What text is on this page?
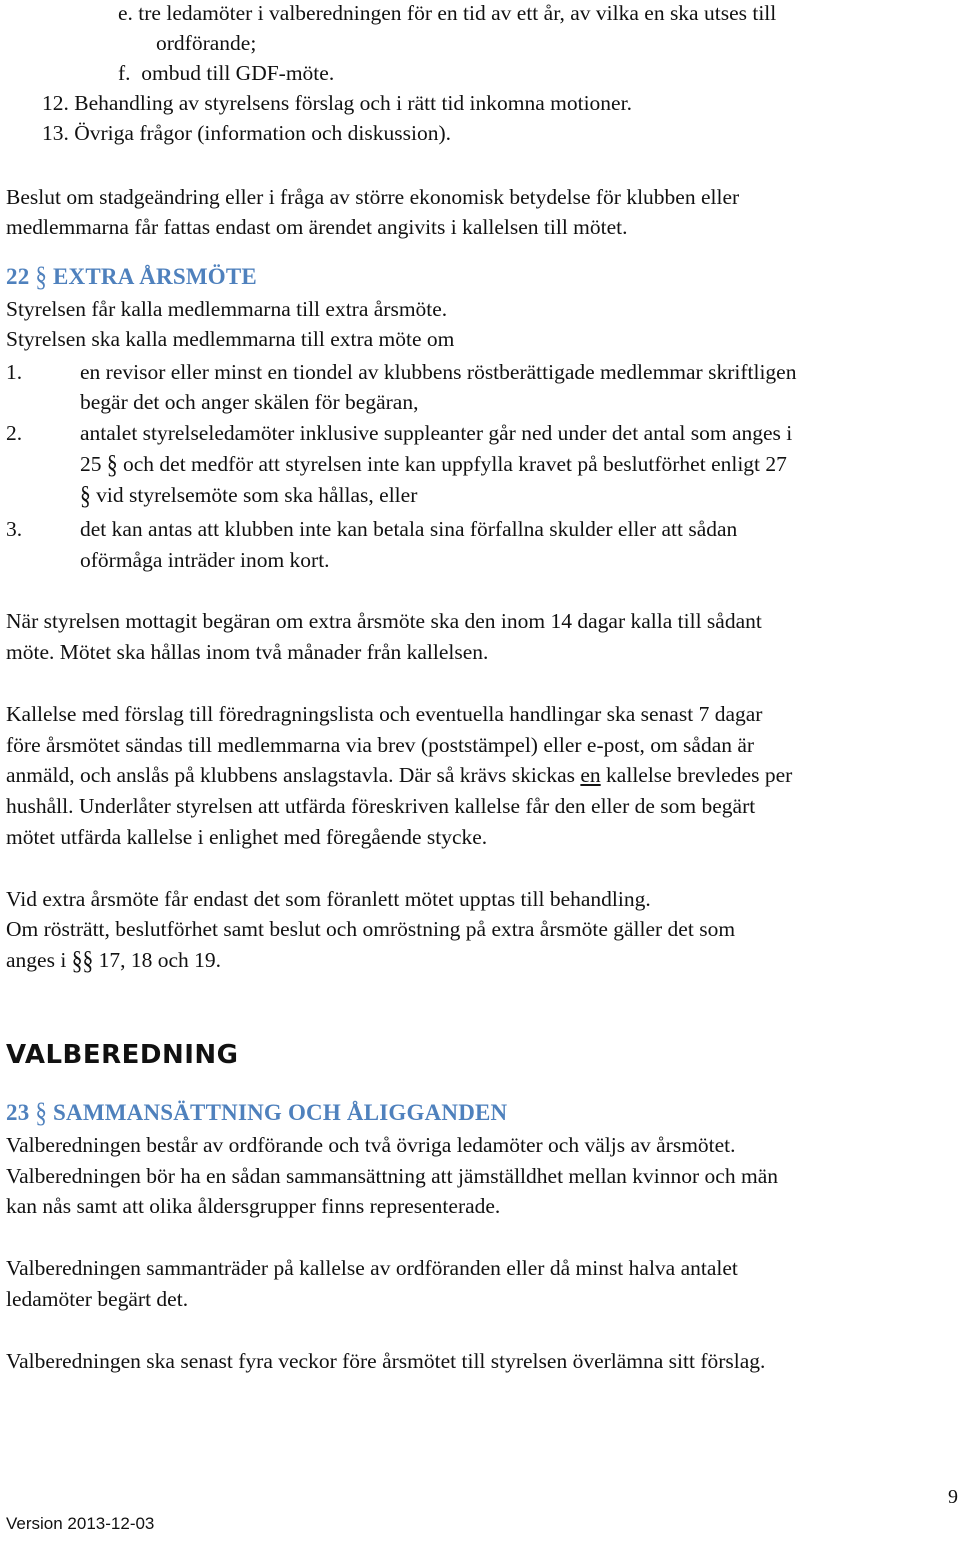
e. tre ledamöter i valberedningen för en tid av ett år, av vilka en ska utses till
ordförande;
f. ombud till GDF-möte.
12. Behandling av styrelsens förslag och i rätt tid inkomna motioner.
13. Övriga frågor (information och diskussion).
Beslut om stadgeändring eller i fråga av större ekonomisk betydelse för klubben eller
medlemmarna får fattas endast om ärendet angivits i kallelsen till mötet.
22 § EXTRA ÅRSMÖTE
Styrelsen får kalla medlemmarna till extra årsmöte.
Styrelsen ska kalla medlemmarna till extra möte om
1.	en revisor eller minst en tiondel av klubbens röstberättigade medlemmar skriftligen
begär det och anger skälen för begäran,
2.	antalet styrelseledamöter inklusive suppleanter går ned under det antal som anges i
25 § och det medför att styrelsen inte kan uppfylla kravet på beslutförhet enligt 27
§ vid styrelsemöte som ska hållas, eller
3.	det kan antas att klubben inte kan betala sina förfallna skulder eller att sådan
oförmåga inträder inom kort.
När styrelsen mottagit begäran om extra årsmöte ska den inom 14 dagar kalla till sådant
möte. Mötet ska hållas inom två månader från kallelsen.
Kallelse med förslag till föredragningslista och eventuella handlingar ska senast 7 dagar
före årsmötet sändas till medlemmarna via brev (poststämpel) eller e-post, om sådan är
anmäld, och anslås på klubbens anslagstavla. Där så krävs skickas en kallelse brevledes per
hushåll. Underlåter styrelsen att utfärda föreskriven kallelse får den eller de som begärt
mötet utfärda kallelse i enlighet med föregående stycke.
Vid extra årsmöte får endast det som föranlett mötet upptas till behandling.
Om rösträtt, beslutförhet samt beslut och omröstning på extra årsmöte gäller det som
anges i §§ 17, 18 och 19.
VALBEREDNING
23 § SAMMANSÄTTNING OCH ÅLIGGANDEN
Valberedningen består av ordförande och två övriga ledamöter och väljs av årsmötet.
Valberedningen bör ha en sådan sammansättning att jämställdhet mellan kvinnor och män
kan nås samt att olika åldersgrupper finns representerade.
Valberedningen sammanträder på kallelse av ordföranden eller då minst halva antalet
ledamöter begärt det.
Valberedningen ska senast fyra veckor före årsmötet till styrelsen överlämna sitt förslag.
9
Version 2013-12-03
